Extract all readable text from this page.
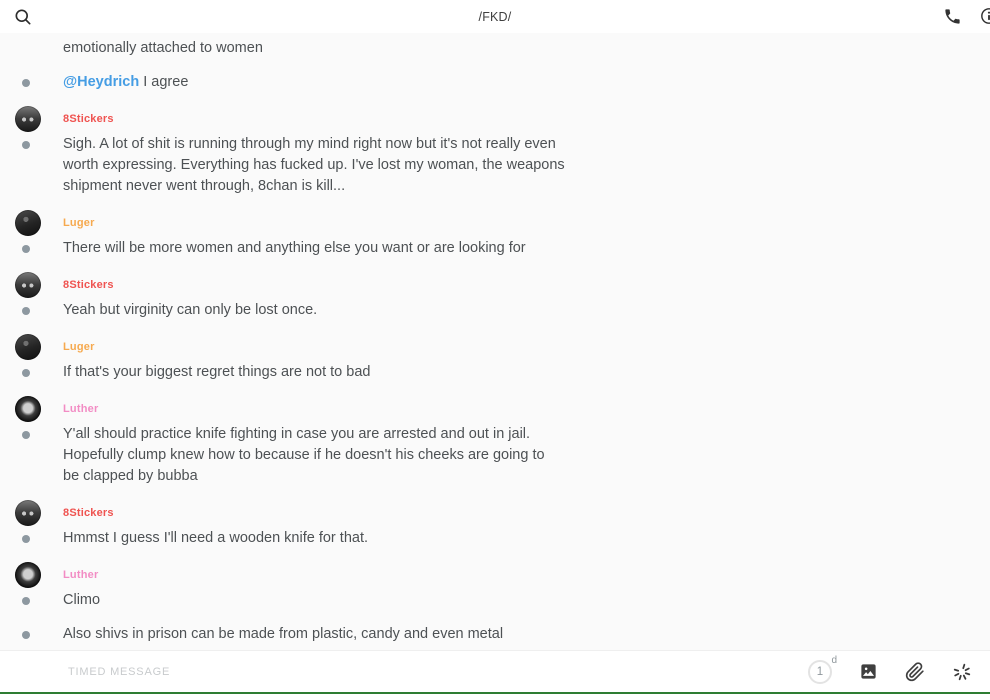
/FKD/
emotionally attached to women
@Heydrich I agree
8Stickers
Sigh. A lot of shit is running through my mind right now but it's not really even
worth expressing. Everything has fucked up. I've lost my woman, the weapons
shipment never went through, 8chan is kill...
Luger
There will be more women and anything else you want or are looking for
8Stickers
Yeah but virginity can only be lost once.
Luger
If that's your biggest regret things are not to bad
Luther
Y'all should practice knife fighting in case you are arrested and out in jail.
Hopefully clump knew how to because if he doesn't his cheeks are going to
be clapped by bubba
8Stickers
Hmmst I guess I'll need a wooden knife for that.
Luther
Climo
Also shivs in prison can be made from plastic, candy and even metal
TIMED MESSAGE	1
d
